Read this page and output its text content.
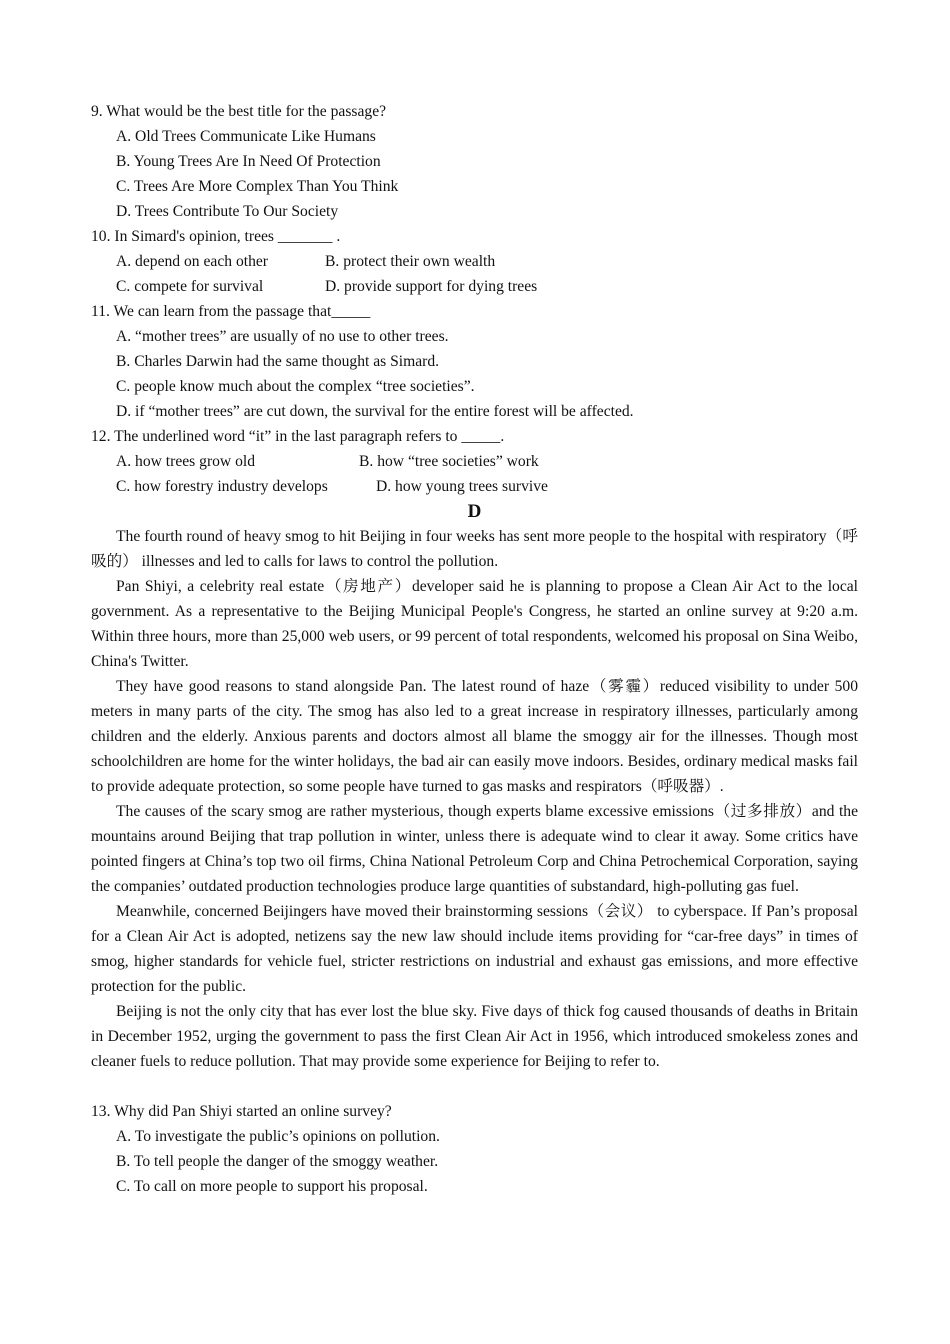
9. What would be the best title for the passage?
A. Old Trees Communicate Like Humans
B. Young Trees Are In Need Of Protection
C. Trees Are More Complex Than You Think
D. Trees Contribute To Our Society
10. In Simard's opinion, trees _______ .
A. depend on each other	B. protect their own wealth
C. compete for survival	D. provide support for dying trees
11. We can learn from the passage that_____
A. “mother trees” are usually of no use to other trees.
B. Charles Darwin had the same thought as Simard.
C. people know much about the complex “tree societies”.
D. if “mother trees” are cut down, the survival for the entire forest will be affected.
12. The underlined word “it” in the last paragraph refers to _____.
A. how trees grow old	B. how “tree societies” work
C. how forestry industry develops	D. how young trees survive
D

The fourth round of heavy smog to hit Beijing in four weeks has sent more people to the hospital with respiratory（呼吸的） illnesses and led to calls for laws to control the pollution.

Pan Shiyi, a celebrity real estate（房地产）developer said he is planning to propose a Clean Air Act to the local government. As a representative to the Beijing Municipal People's Congress, he started an online survey at 9:20 a.m. Within three hours, more than 25,000 web users, or 99 percent of total respondents, welcomed his proposal on Sina Weibo, China's Twitter.

They have good reasons to stand alongside Pan. The latest round of haze（雾霾）reduced visibility to under 500 meters in many parts of the city. The smog has also led to a great increase in respiratory illnesses, particularly among children and the elderly. Anxious parents and doctors almost all blame the smoggy air for the illnesses. Though most schoolchildren are home for the winter holidays, the bad air can easily move indoors. Besides, ordinary medical masks fail to provide adequate protection, so some people have turned to gas masks and respirators（呼吸器）.

The causes of the scary smog are rather mysterious, though experts blame excessive emissions（过多排放）and the mountains around Beijing that trap pollution in winter, unless there is adequate wind to clear it away. Some critics have pointed fingers at China’s top two oil firms, China National Petroleum Corp and China Petrochemical Corporation, saying the companies’ outdated production technologies produce large quantities of substandard, high-polluting gas fuel.

Meanwhile, concerned Beijingers have moved their brainstorming sessions（会议） to cyberspace. If Pan’s proposal for a Clean Air Act is adopted, netizens say the new law should include items providing for “car-free days” in times of smog, higher standards for vehicle fuel, stricter restrictions on industrial and exhaust gas emissions, and more effective protection for the public.

Beijing is not the only city that has ever lost the blue sky. Five days of thick fog caused thousands of deaths in Britain in December 1952, urging the government to pass the first Clean Air Act in 1956, which introduced smokeless zones and cleaner fuels to reduce pollution. That may provide some experience for Beijing to refer to.

13. Why did Pan Shiyi started an online survey?
A. To investigate the public’s opinions on pollution.
B. To tell people the danger of the smoggy weather.
C. To call on more people to support his proposal.
